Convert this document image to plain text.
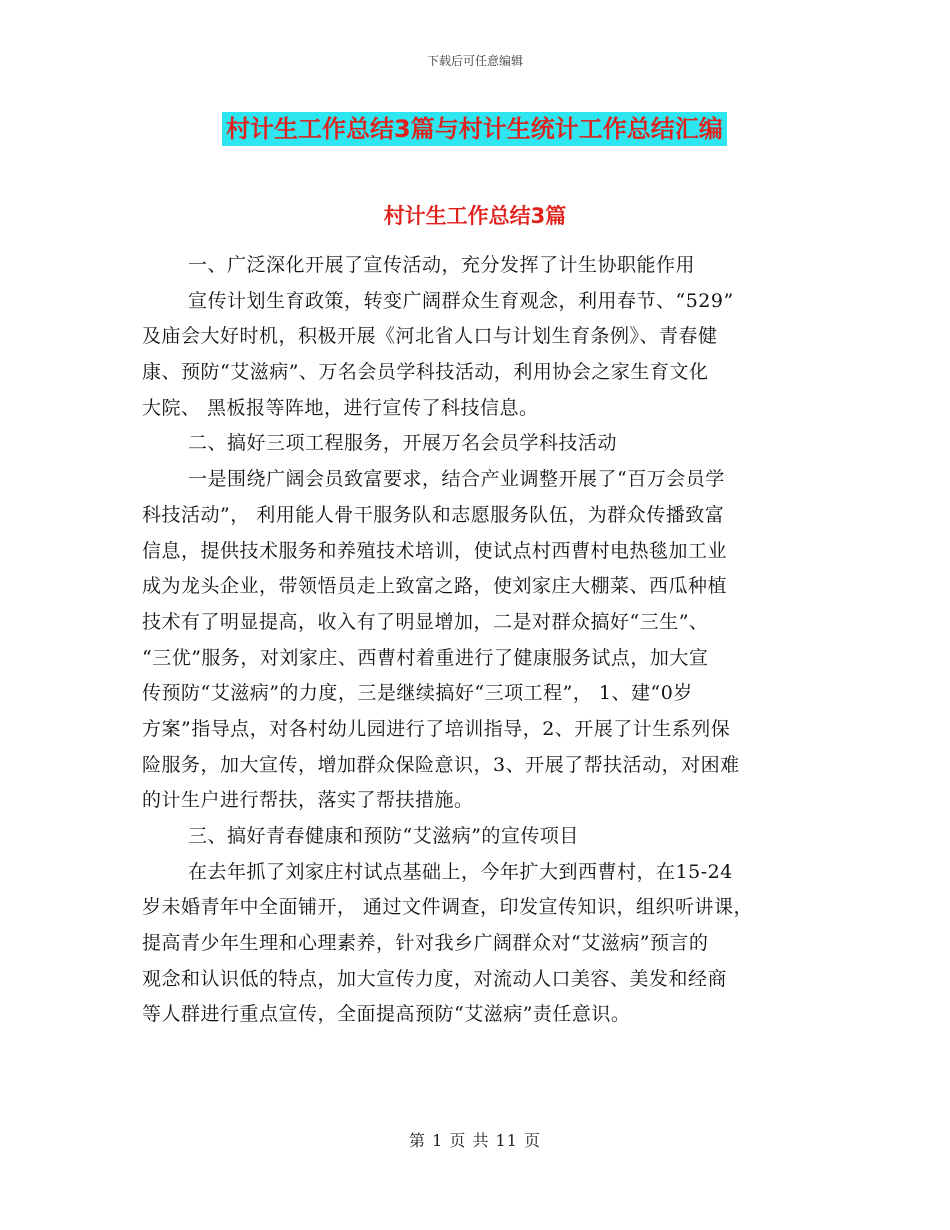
下载后可任意编辑
村计生工作总结3篇与村计生统计工作总结汇编
村计生工作总结3篇
一、广泛深化开展了宣传活动，充分发挥了计生协职能作用
宣传计划生育政策，转变广阔群众生育观念，利用春节、“529”
及庙会大好时机，积极开展《河北省人口与计划生育条例》、青春健
康、预防“艾滋病”、万名会员学科技活动，利用协会之家生育文化
大院、 黑板报等阵地，进行宣传了科技信息。
二、搞好三项工程服务，开展万名会员学科技活动
一是围绕广阔会员致富要求，结合产业调整开展了“百万会员学
科技活动”， 利用能人骨干服务队和志愿服务队伍，为群众传播致富
信息，提供技术服务和养殖技术培训，使试点村西曹村电热毯加工业
成为龙头企业，带领悟员走上致富之路，使刘家庄大棚菜、西瓜种植
技术有了明显提高，收入有了明显增加，二是对群众搞好“三生”、
“三优”服务，对刘家庄、西曹村着重进行了健康服务试点，加大宣
传预防“艾滋病”的力度，三是继续搞好“三项工程”， 1、建“0岁
方案”指导点，对各村幼儿园进行了培训指导，2、开展了计生系列保
险服务，加大宣传，增加群众保险意识，3、开展了帮扶活动，对困难
的计生户进行帮扶，落实了帮扶措施。
三、搞好青春健康和预防“艾滋病”的宣传项目
在去年抓了刘家庄村试点基础上，今年扩大到西曹村，在15-24
岁未婚青年中全面铺开， 通过文件调查，印发宣传知识，组织听讲课，
提高青少年生理和心理素养，针对我乡广阔群众对“艾滋病”预言的
观念和认识低的特点，加大宣传力度，对流动人口美容、美发和经商
等人群进行重点宣传，全面提高预防“艾滋病”责任意识。
第 1 页 共 11 页
